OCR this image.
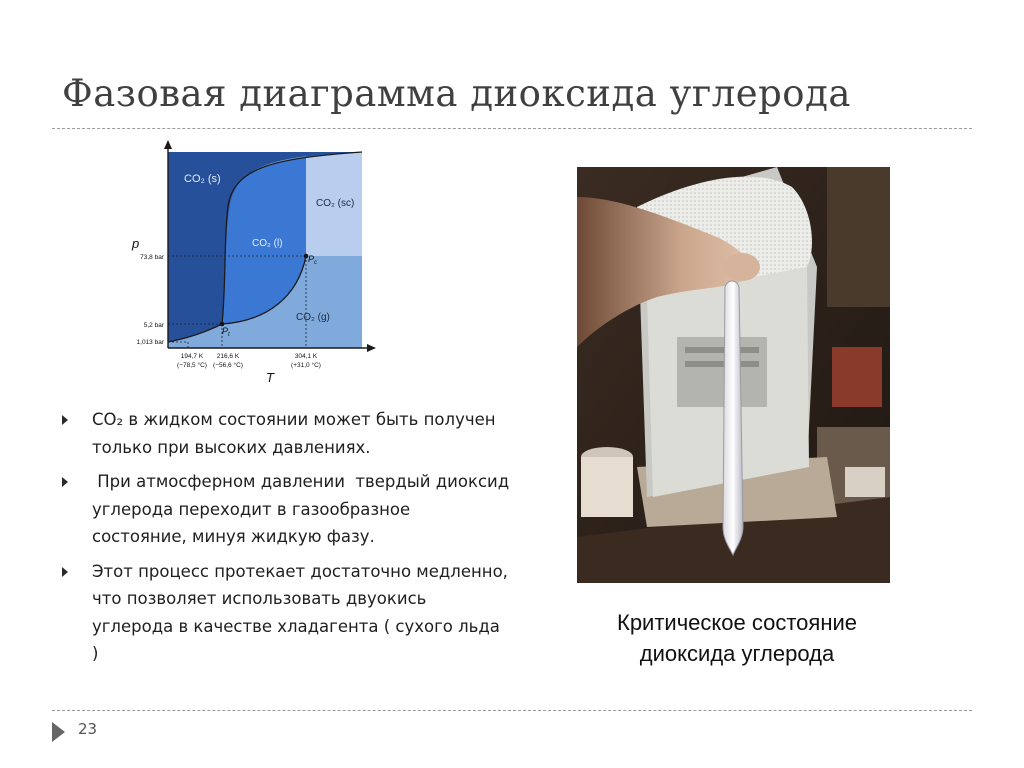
Фазовая диаграмма диоксида углерода
CO₂ (s)
CO₂ (l)
CO₂ (sc)
CO₂ (g)
$P_t$
$P_c$
p
T
73,8 bar
5,2 bar
1,013 bar
194,7 K
(−78,5 °C)
216,6 K
(−56,6 °C)
304,1 K
(+31,0 °C)
CO₂ в жидком состоянии может быть получен только при высоких давлениях.
При атмосферном давлении  твердый диоксид углерода переходит в газообразное состояние, минуя жидкую фазу.
Этот процесс протекает достаточно медленно, что позволяет использовать двуокись углерода в качестве хладагента ( сухого льда )
Критическое состояние диоксида углерода
23
